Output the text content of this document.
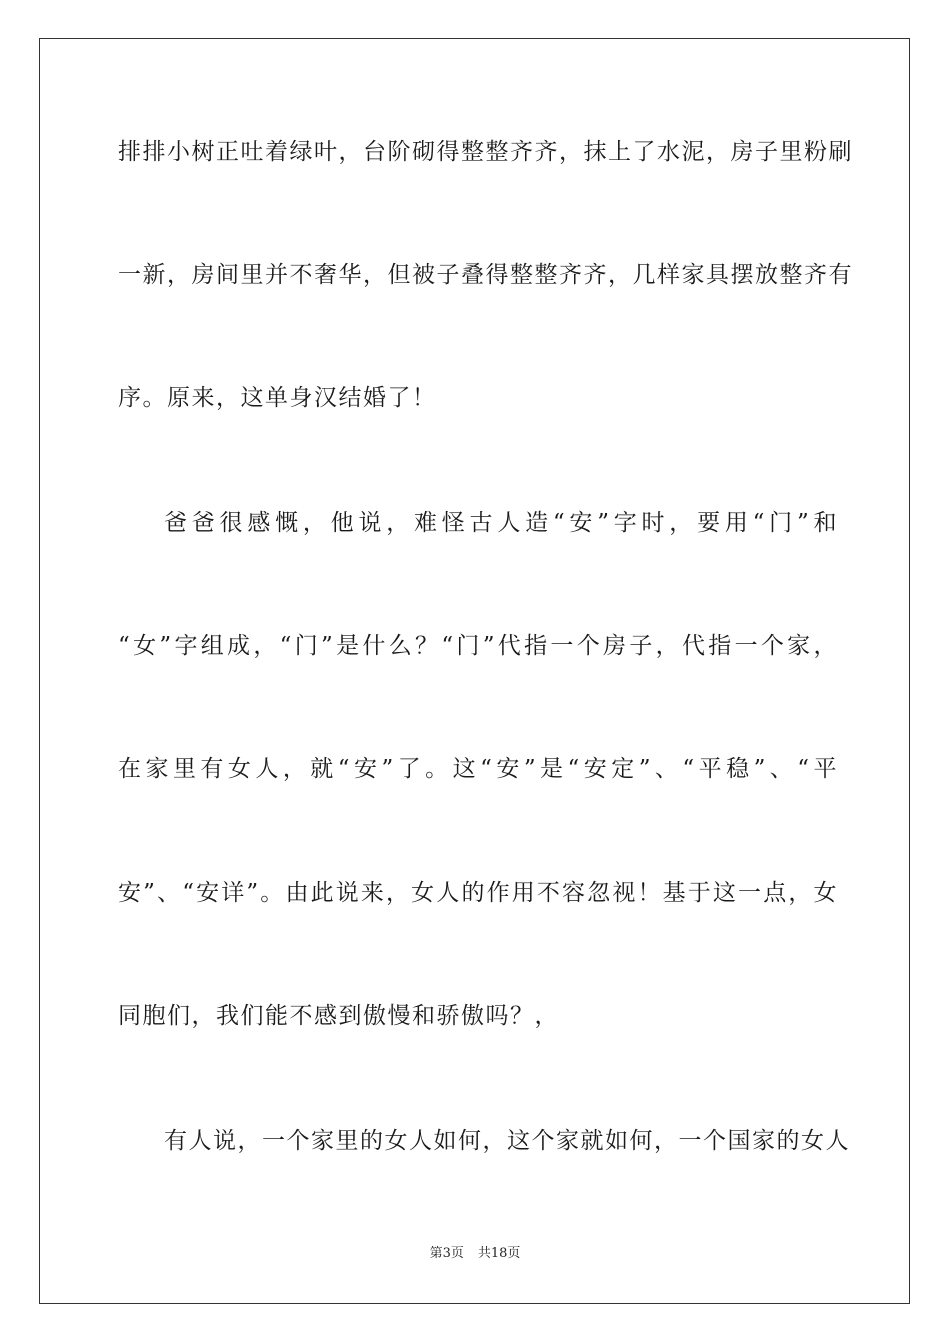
排排小树正吐着绿叶，台阶砌得整整齐齐，抹上了水泥，房子里粉刷
一新，房间里并不奢华，但被子叠得整整齐齐，几样家具摆放整齐有
序。原来，这单身汉结婚了！
爸爸很感慨，他说，难怪古人造“安”字时，要用“门”和
“女”字组成，“门”是什么？“门”代指一个房子，代指一个家，
在家里有女人，就“安”了。这“安”是“安定”、“平稳”、“平
安”、“安详”。由此说来，女人的作用不容忽视！基于这一点，女
同胞们，我们能不感到傲慢和骄傲吗？，
有人说，一个家里的女人如何，这个家就如何，一个国家的女人
第3页 共18页
